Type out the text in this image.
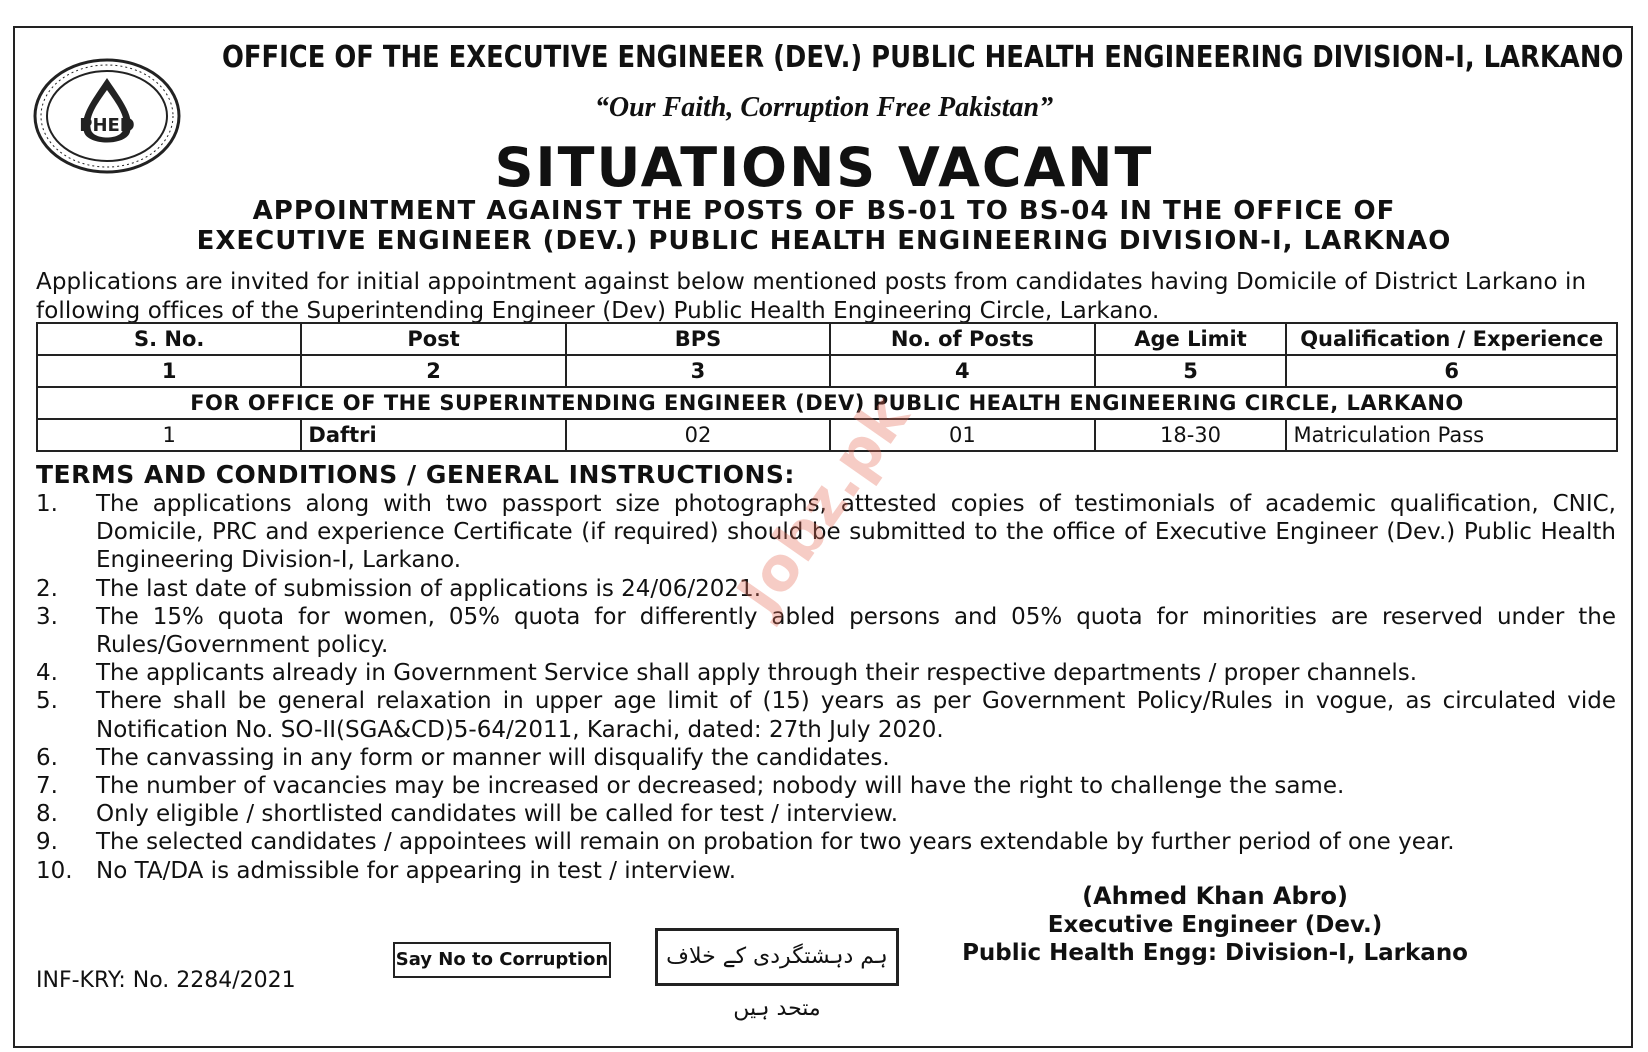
PHED
OFFICE OF THE EXECUTIVE ENGINEER (DEV.) PUBLIC HEALTH ENGINEERING DIVISION-I, LARKANO
“Our Faith, Corruption Free Pakistan”
SITUATIONS VACANT
APPOINTMENT AGAINST THE POSTS OF BS-01 TO BS-04 IN THE OFFICE OF
EXECUTIVE ENGINEER (DEV.) PUBLIC HEALTH ENGINEERING DIVISION-I, LARKNAO
Applications are invited for initial appointment against below mentioned posts from candidates having Domicile of District Larkano in following offices of the Superintending Engineer (Dev) Public Health Engineering Circle, Larkano.
S. No.	Post	BPS	No. of Posts	Age Limit	Qualification / Experience
1	2	3	4	5	6
FOR OFFICE OF THE SUPERINTENDING ENGINEER (DEV) PUBLIC HEALTH ENGINEERING CIRCLE, LARKANO					
1	Daftri	02	01	18-30	Matriculation Pass
TERMS AND CONDITIONS / GENERAL INSTRUCTIONS:
1. The applications along with two passport size photographs, attested copies of testimonials of academic qualification, CNIC, Domicile, PRC and experience Certificate (if required) should be submitted to the office of Executive Engineer (Dev.) Public Health Engineering Division-I, Larkano.
2. The last date of submission of applications is 24/06/2021.
3. The 15% quota for women, 05% quota for differently abled persons and 05% quota for minorities are reserved under the Rules/Government policy.
4. The applicants already in Government Service shall apply through their respective departments / proper channels.
5. There shall be general relaxation in upper age limit of (15) years as per Government Policy/Rules in vogue, as circulated vide Notification No. SO-II(SGA&CD)5-64/2011, Karachi, dated: 27th July 2020.
6. The canvassing in any form or manner will disqualify the candidates.
7. The number of vacancies may be increased or decreased; nobody will have the right to challenge the same.
8. Only eligible / shortlisted candidates will be called for test / interview.
9. The selected candidates / appointees will remain on probation for two years extendable by further period of one year.
10. No TA/DA is admissible for appearing in test / interview.
(Ahmed Khan Abro)
Executive Engineer (Dev.)
Public Health Engg: Division-I, Larkano
Say No to Corruption	ہم دہشتگردی کے خلاف متحد ہیں
INF-KRY: No. 2284/2021
Jobz.pk
